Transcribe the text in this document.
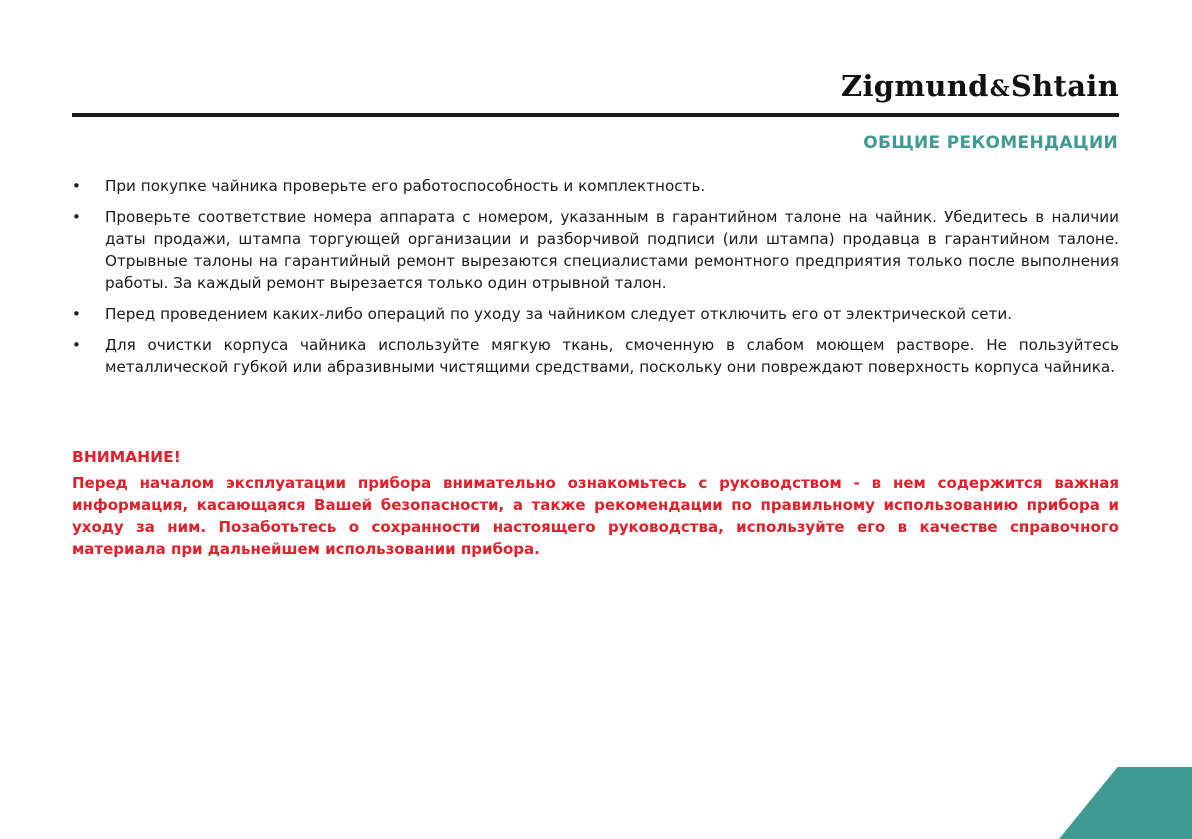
Zigmund&Shtain
ОБЩИЕ РЕКОМЕНДАЦИИ
• При покупке чайника проверьте его работоспособность и комплектность.
• Проверьте соответствие номера аппарата с номером, указанным в гарантийном талоне на чайник. Убедитесь в наличии даты продажи, штампа торгующей организации и разборчивой подписи (или штампа) продавца в гарантийном талоне. Отрывные талоны на гарантийный ремонт вырезаются специалистами ремонтного предприятия только после выполнения работы. За каждый ремонт вырезается только один отрывной талон.
• Перед проведением каких-либо операций по уходу за чайником следует отключить его от электрической сети.
• Для очистки корпуса чайника используйте мягкую ткань, смоченную в слабом моющем растворе. Не пользуйтесь металлической губкой или абразивными чистящими средствами, поскольку они повреждают поверхность корпуса чайника.
ВНИМАНИЕ!
Перед началом эксплуатации прибора внимательно ознакомьтесь с руководством - в нем содержится важная информация, касающаяся Вашей безопасности, а также рекомендации по правильному использованию прибора и уходу за ним. Позаботьтесь о сохранности настоящего руководства, используйте его в качестве справочного материала при дальнейшем использовании прибора.
